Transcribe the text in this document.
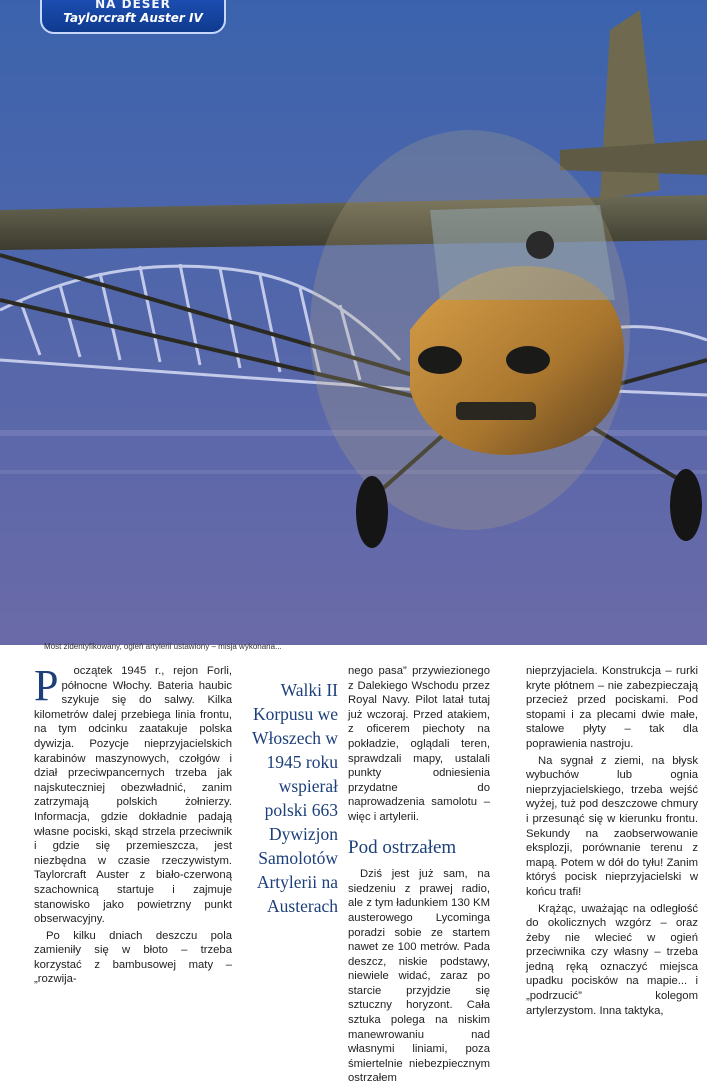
NA DESER
Taylorcraft Auster IV
Most zidentyfikowany, ogień artylerii ustawiony – misja wykonana...

P oczątek 1945 r., rejon Forli, północne Włochy. Bateria haubic szykuje się do salwy. Kilka kilometrów dalej przebiega linia frontu, na tym odcinku zaatakuje polska dywizja. Pozycje nieprzyjacielskich karabinów maszynowych, czołgów i dział przeciwpancernych trzeba jak najskuteczniej obezwładnić, zanim zatrzymają polskich żołnierzy. Informacja, gdzie dokładnie padają własne pociski, skąd strzela przeciwnik i gdzie się przemieszcza, jest niezbędna w czasie rzeczywistym. Taylorcraft Auster z biało-czerwoną szachownicą startuje i zajmuje stanowisko jako powietrzny punkt obserwacyjny.

Po kilku dniach deszczu pola zamieniły się w błoto – trzeba korzystać z bambusowej maty – „rozwija-

Walki II Korpusu we Włoszech w 1945 roku wspierał polski 663 Dywizjon Samolotów Artylerii na Austerach

nego pasa” przywiezionego z Dalekiego Wschodu przez Royal Navy. Pilot latał tutaj już wczoraj. Przed atakiem, z oficerem piechoty na pokładzie, oglądali teren, sprawdzali mapy, ustalali punkty odniesienia przydatne do naprowadzenia samolotu – więc i artylerii.

Pod ostrzałem

Dziś jest już sam, na siedzeniu z prawej radio, ale z tym ładunkiem 130 KM austerowego Lycominga poradzi sobie ze startem nawet ze 100 metrów. Pada deszcz, niskie podstawy, niewiele widać, zaraz po starcie przyjdzie się sztuczny horyzont. Cała sztuka polega na niskim manewrowaniu nad własnymi liniami, poza śmiertelnie niebezpiecznym ostrzałem

nieprzyjaciela. Konstrukcja – rurki kryte płótnem – nie zabezpieczają przecież przed pociskami. Pod stopami i za plecami dwie małe, stalowe płyty – tak dla poprawienia nastroju.

Na sygnał z ziemi, na błysk wybuchów lub ognia nieprzyjacielskiego, trzeba wejść wyżej, tuż pod deszczowe chmury i przesunąć się w kierunku frontu. Sekundy na zaobserwowanie eksplozji, porównanie terenu z mapą. Potem w dół do tyłu! Zanim któryś pocisk nieprzyjacielski w końcu trafi!

Krążąc, uważając na odległość do okolicznych wzgórz – oraz żeby nie wlecieć w ogień przeciwnika czy własny – trzeba jedną ręką oznaczyć miejsca upadku pocisków na mapie... i „podrzucić” kolegom artylerzystom. Inna taktyka,
